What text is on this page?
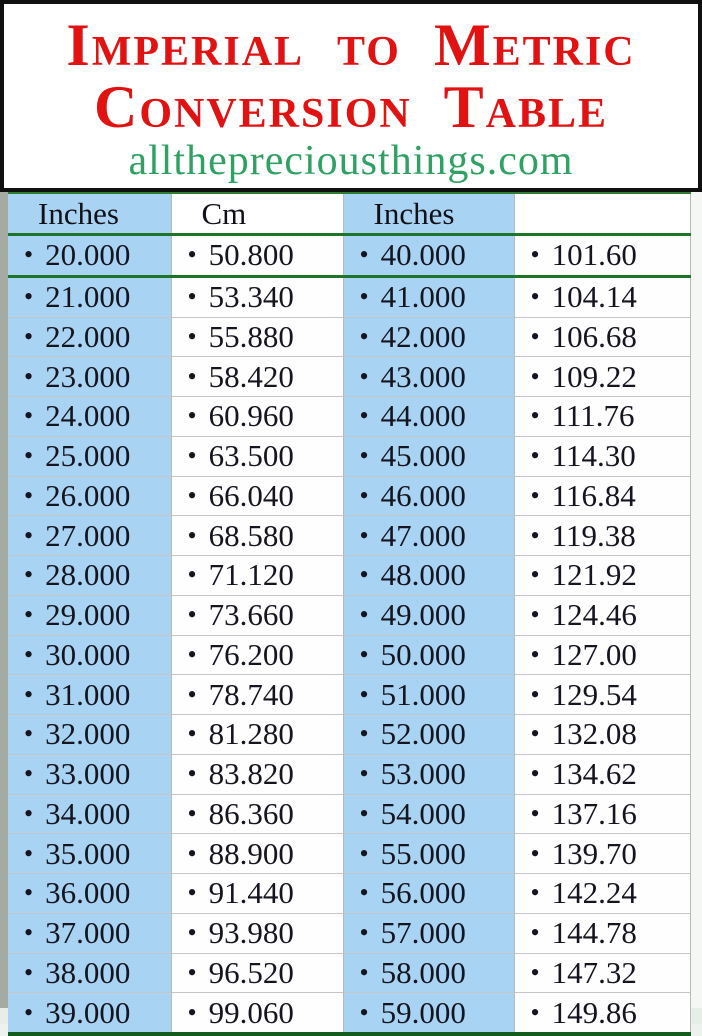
Imperial to Metric

Conversion Table

allthepreciousthings.com

Inches	Cm	Inches	
• 20.000	• 50.800	• 40.000	• 101.60
• 21.000	• 53.340	• 41.000	• 104.14
• 22.000	• 55.880	• 42.000	• 106.68
• 23.000	• 58.420	• 43.000	• 109.22
• 24.000	• 60.960	• 44.000	• 111.76
• 25.000	• 63.500	• 45.000	• 114.30
• 26.000	• 66.040	• 46.000	• 116.84
• 27.000	• 68.580	• 47.000	• 119.38
• 28.000	• 71.120	• 48.000	• 121.92
• 29.000	• 73.660	• 49.000	• 124.46
• 30.000	• 76.200	• 50.000	• 127.00
• 31.000	• 78.740	• 51.000	• 129.54
• 32.000	• 81.280	• 52.000	• 132.08
• 33.000	• 83.820	• 53.000	• 134.62
• 34.000	• 86.360	• 54.000	• 137.16
• 35.000	• 88.900	• 55.000	• 139.70
• 36.000	• 91.440	• 56.000	• 142.24
• 37.000	• 93.980	• 57.000	• 144.78
• 38.000	• 96.520	• 58.000	• 147.32
• 39.000	• 99.060	• 59.000	• 149.86
